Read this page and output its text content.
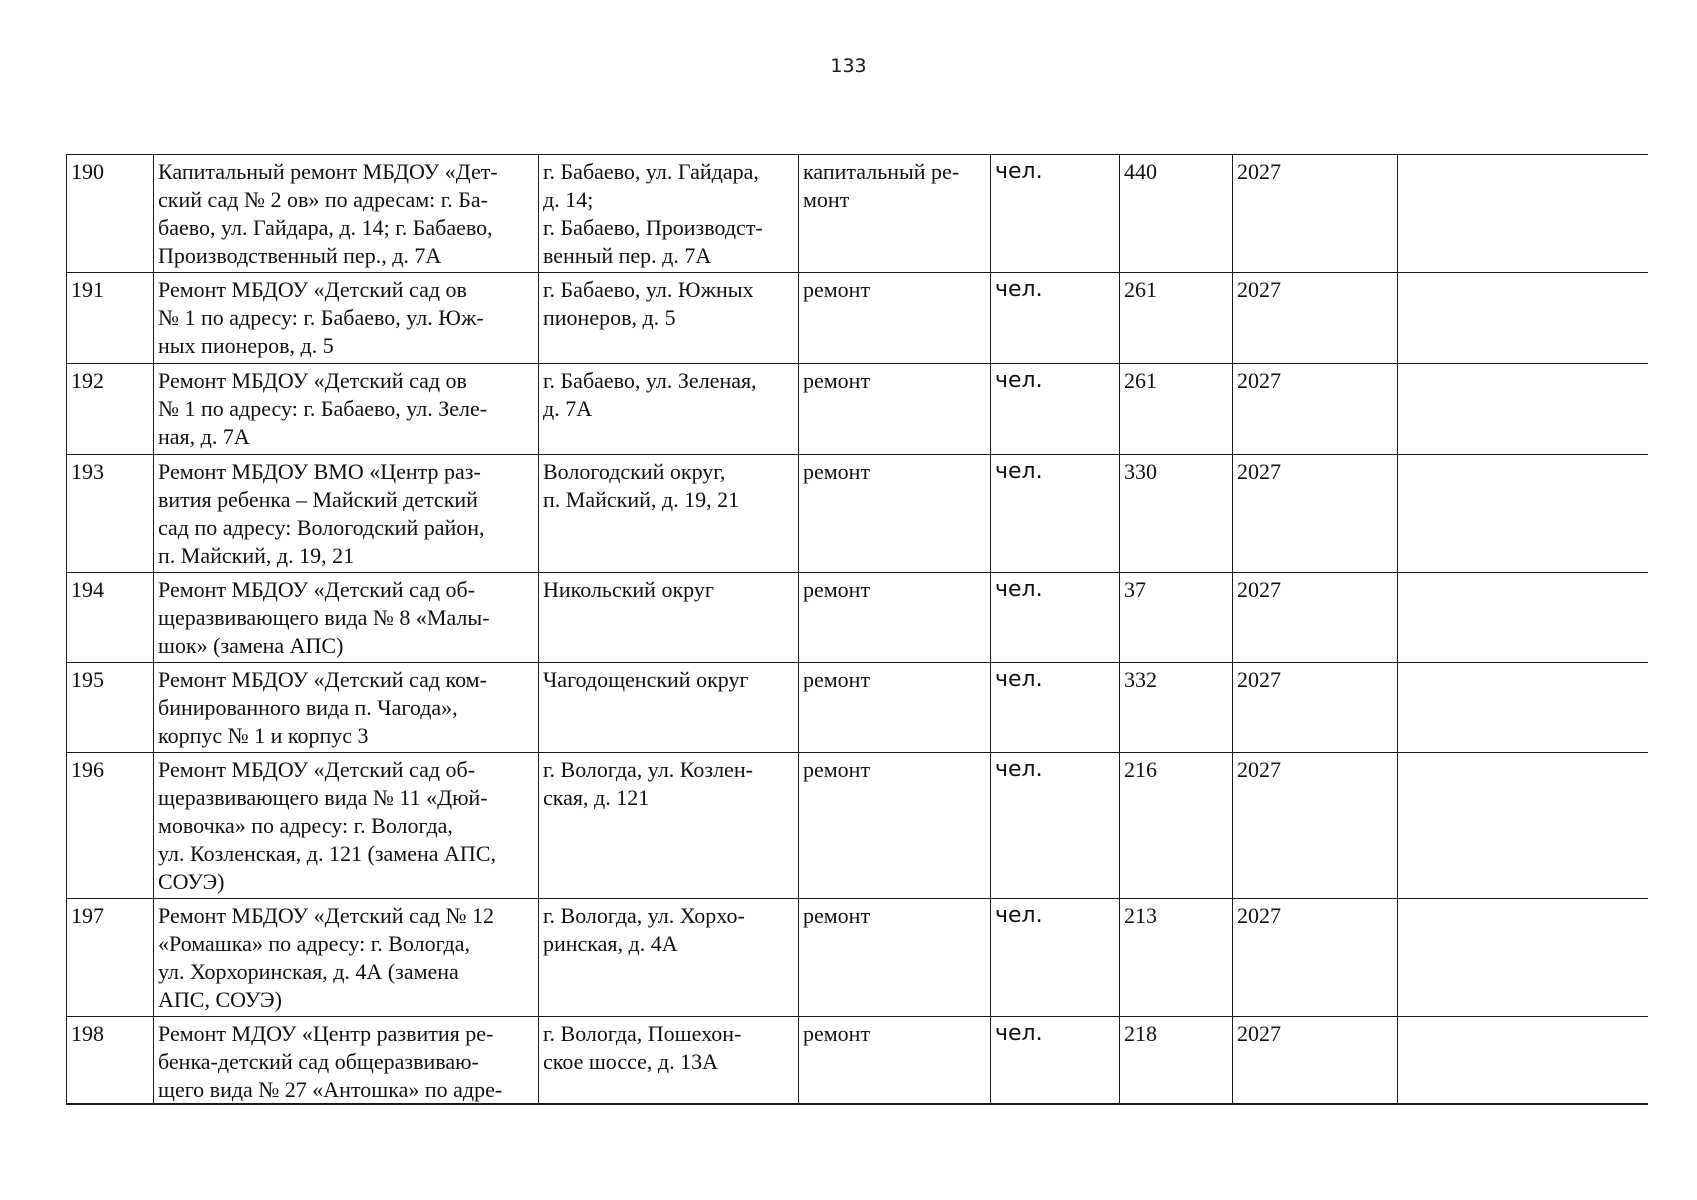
133
190	Капитальный ремонт МБДОУ «Дет-
ский сад № 2 ов» по адресам: г. Ба-
баево, ул. Гайдара, д. 14; г. Бабаево,
Производственный пер., д. 7А	г. Бабаево, ул. Гайдара,
д. 14;
г. Бабаево, Производст-
венный пер. д. 7А	капитальный ре-
монт	чел.	440	2027	
191	Ремонт МБДОУ «Детский сад ов
№ 1 по адресу: г. Бабаево, ул. Юж-
ных пионеров, д. 5	г. Бабаево, ул. Южных
пионеров, д. 5	ремонт	чел.	261	2027	
192	Ремонт МБДОУ «Детский сад ов
№ 1 по адресу: г. Бабаево, ул. Зеле-
ная, д. 7А	г. Бабаево, ул. Зеленая,
д. 7А	ремонт	чел.	261	2027	
193	Ремонт МБДОУ ВМО «Центр раз-
вития ребенка – Майский детский
сад по адресу: Вологодский район,
п. Майский, д. 19, 21	Вологодский округ,
п. Майский, д. 19, 21	ремонт	чел.	330	2027	
194	Ремонт МБДОУ «Детский сад об-
щеразвивающего вида № 8 «Малы-
шок» (замена АПС)	Никольский округ	ремонт	чел.	37	2027	
195	Ремонт МБДОУ «Детский сад ком-
бинированного вида п. Чагода»,
корпус № 1 и корпус 3	Чагодощенский округ	ремонт	чел.	332	2027	
196	Ремонт МБДОУ «Детский сад об-
щеразвивающего вида № 11 «Дюй-
мовочка» по адресу: г. Вологда,
ул. Козленская, д. 121 (замена АПС,
СОУЭ)	г. Вологда, ул. Козлен-
ская, д. 121	ремонт	чел.	216	2027	
197	Ремонт МБДОУ «Детский сад № 12
«Ромашка» по адресу: г. Вологда,
ул. Хорхоринская, д. 4А (замена
АПС, СОУЭ)	г. Вологда, ул. Хорхо-
ринская, д. 4А	ремонт	чел.	213	2027	
198	Ремонт МДОУ «Центр развития ре-
бенка-детский сад общеразвиваю-
щего вида № 27 «Антошка» по адре-	г. Вологда, Пошехон-
ское шоссе, д. 13А	ремонт	чел.	218	2027	
